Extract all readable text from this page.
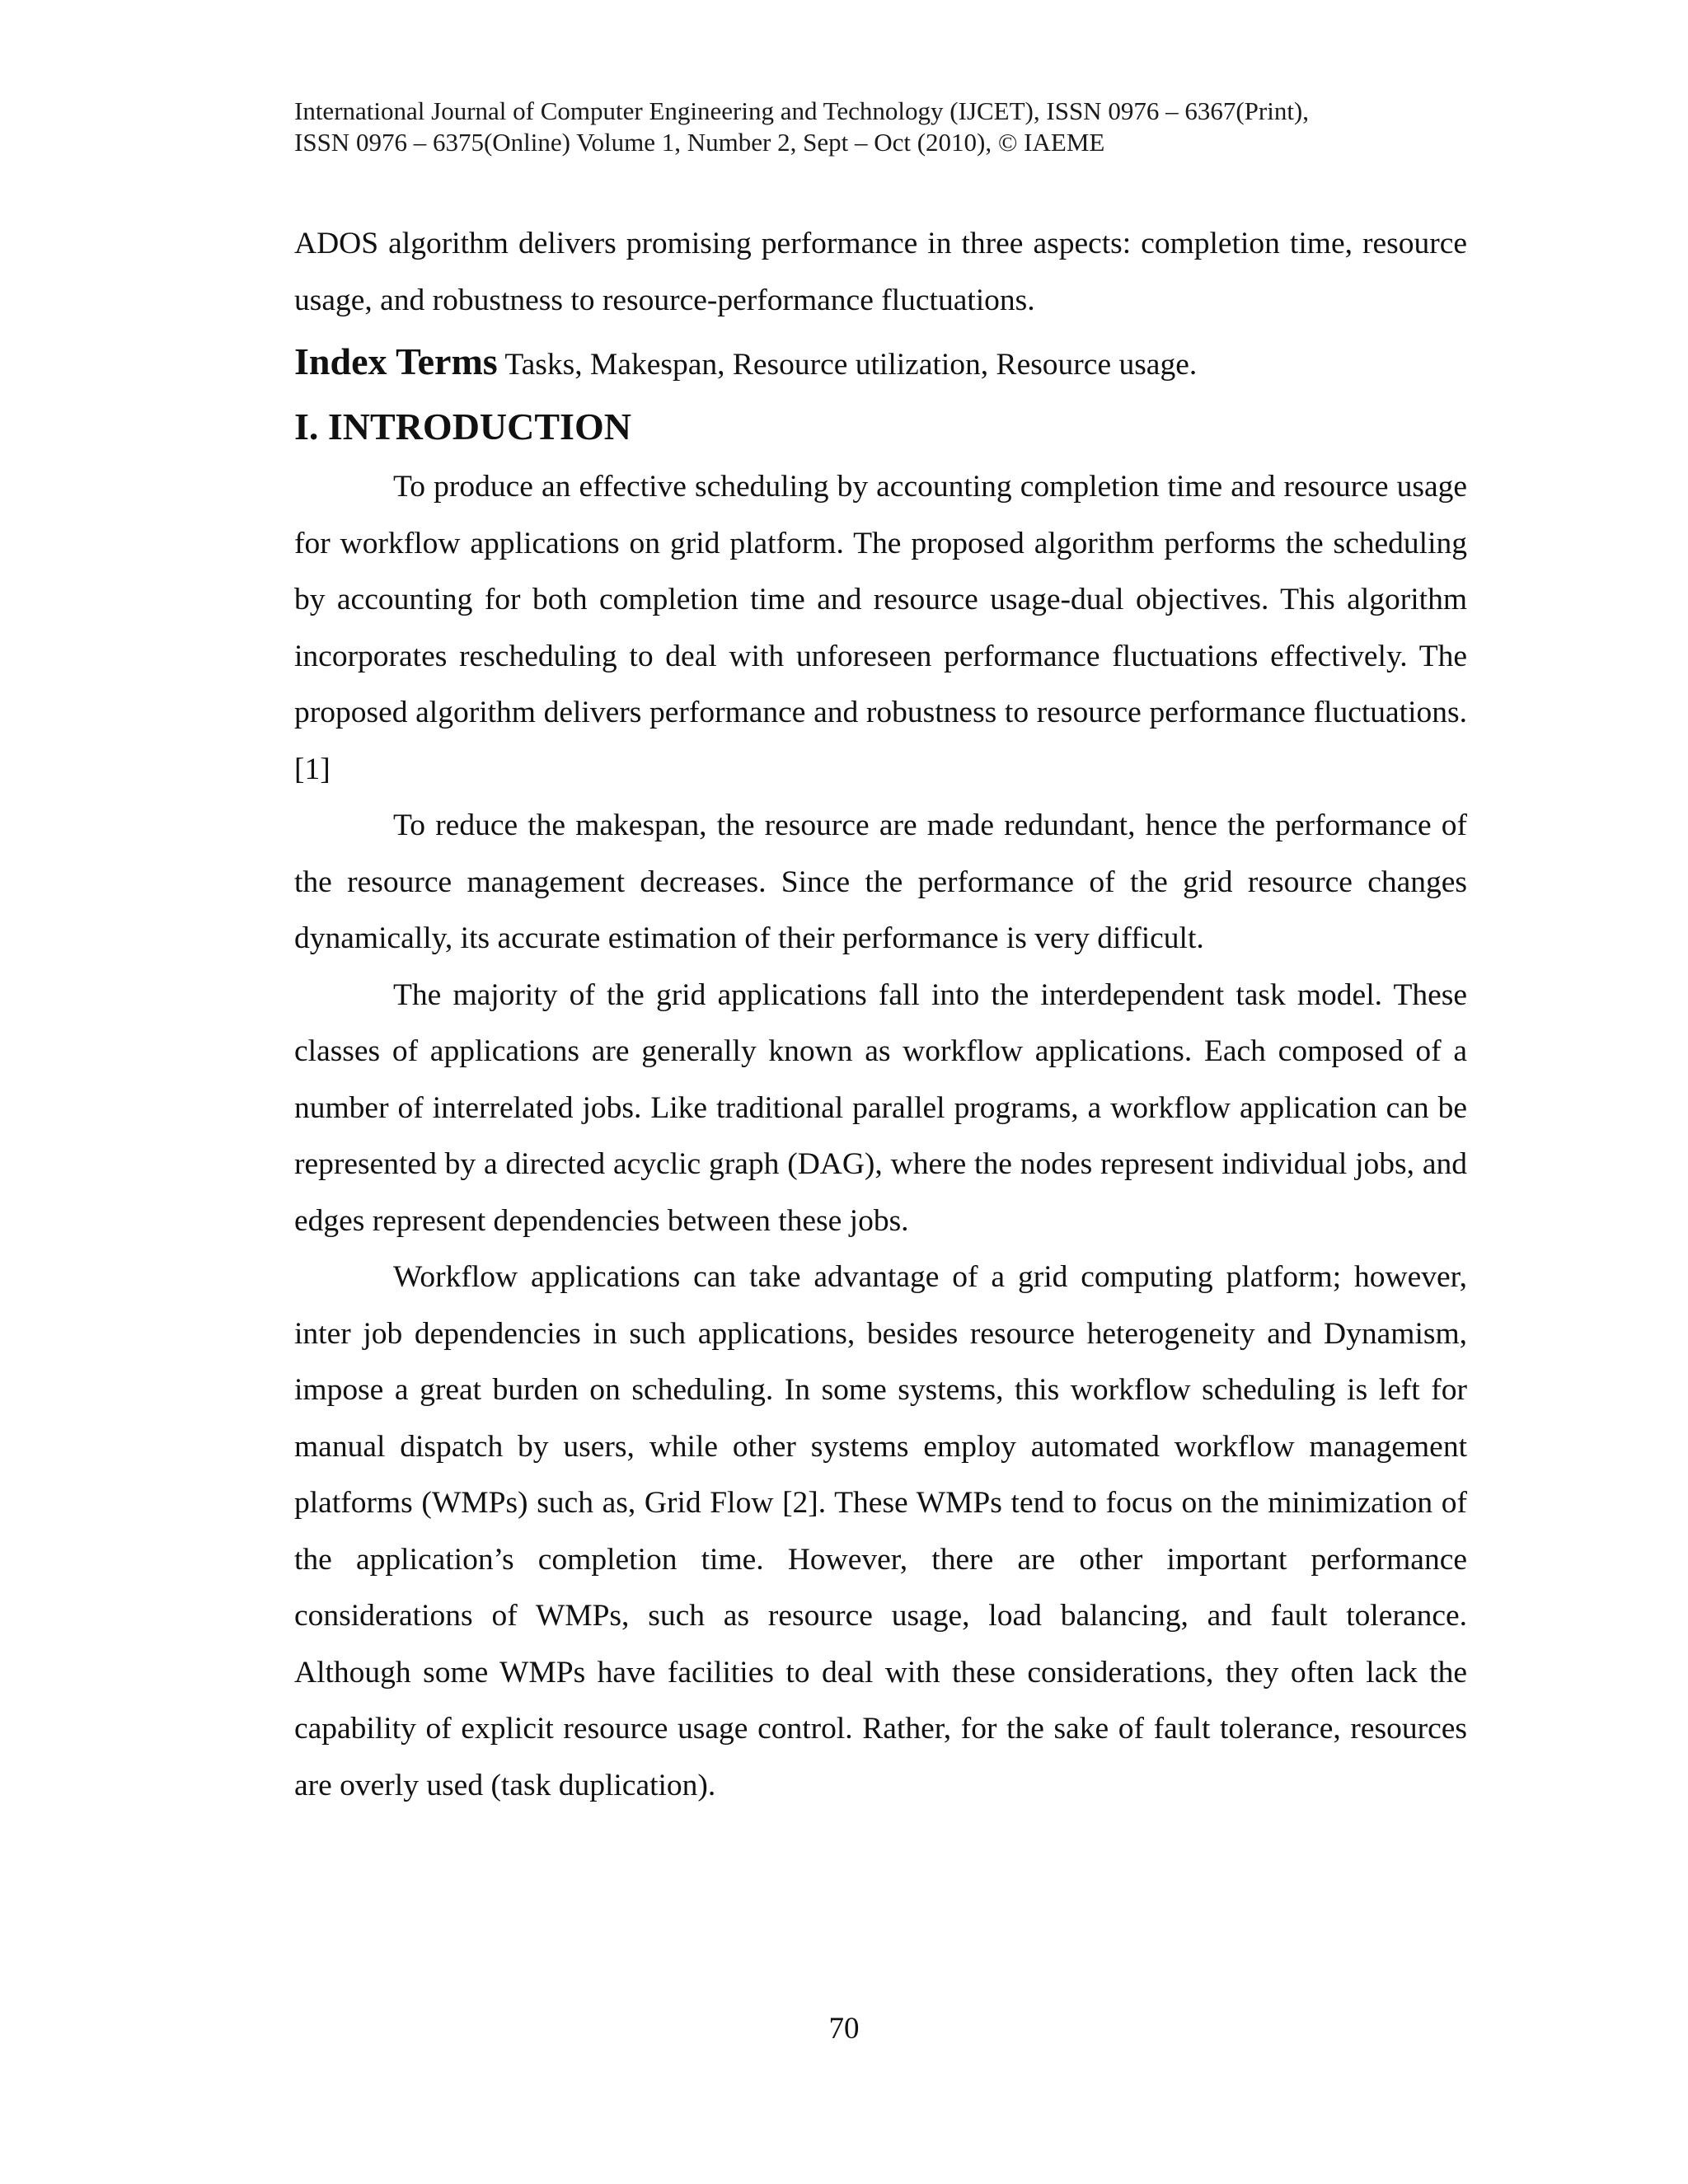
International Journal of Computer Engineering and Technology (IJCET), ISSN 0976 – 6367(Print),
ISSN 0976 – 6375(Online) Volume 1, Number 2, Sept – Oct (2010), © IAEME

ADOS algorithm delivers promising performance in three aspects: completion time, resource usage, and robustness to resource-performance fluctuations.

Index Terms Tasks, Makespan, Resource utilization, Resource usage.

I. INTRODUCTION

To produce an effective scheduling by accounting completion time and resource usage for workflow applications on grid platform. The proposed algorithm performs the scheduling by accounting for both completion time and resource usage-dual objectives. This algorithm incorporates rescheduling to deal with unforeseen performance fluctuations effectively. The proposed algorithm delivers performance and robustness to resource performance fluctuations.[1]

To reduce the makespan, the resource are made redundant, hence the performance of the resource management decreases. Since the performance of the grid resource changes dynamically, its accurate estimation of their performance is very difficult.

The majority of the grid applications fall into the interdependent task model. These classes of applications are generally known as workflow applications. Each composed of a number of interrelated jobs. Like traditional parallel programs, a workflow application can be represented by a directed acyclic graph (DAG), where the nodes represent individual jobs, and edges represent dependencies between these jobs.

Workflow applications can take advantage of a grid computing platform; however, inter job dependencies in such applications, besides resource heterogeneity and Dynamism, impose a great burden on scheduling. In some systems, this workflow scheduling is left for manual dispatch by users, while other systems employ automated workflow management platforms (WMPs) such as, Grid Flow [2]. These WMPs tend to focus on the minimization of the application’s completion time. However, there are other important performance considerations of WMPs, such as resource usage, load balancing, and fault tolerance. Although some WMPs have facilities to deal with these considerations, they often lack the capability of explicit resource usage control. Rather, for the sake of fault tolerance, resources are overly used (task duplication).

70
